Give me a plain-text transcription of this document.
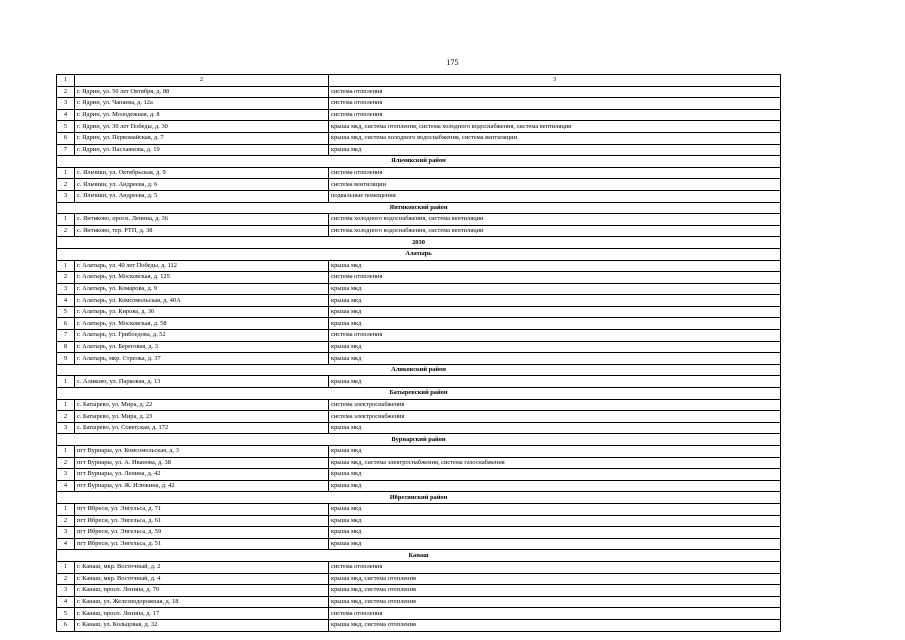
175
1	2	3
2	г. Ядрин, ул. 50 лет Октября, д. 88	система отопления
3	г. Ядрин, ул. Чапаева, д. 12а	система отопления
4	г. Ядрин, ул. Молодежная, д. 8	система отопления
5	г. Ядрин, ул. 30 лет Победы, д. 30	крыша мкд, система отопления, система холодного водоснабжения, система вентиляции
6	г. Ядрин, ул. Первомайская, д. 7	крыша мкд, система холодного водоснабжения, система вентиляции
7	г. Ядрин, ул. Пасхаянова, д. 19	крыша мкд
Яльчикский район		
1	с. Яльчики, ул. Октябрьская, д. 9	система отопления
2	с. Яльчики, ул. Андреева, д. 6	система вентиляции
3	с. Яльчики, ул. Андреева, д. 5	подвальные помещения
Янтиковский район		
1	с. Янтиково, просп. Ленина, д. 36	система холодного водоснабжения, система вентиляции
2	с. Янтиково, тер. РТП, д. 38	система холодного водоснабжения, система вентиляции
2030		
Алатырь		
1	г. Алатырь, ул. 40 лет Победы, д. 112	крыша мкд
2	г. Алатырь, ул. Московская, д. 125	система отопления
3	г. Алатырь, ул. Комарова, д. 9	крыша мкд
4	г. Алатырь, ул. Комсомольская, д. 40А	крыша мкд
5	г. Алатырь, ул. Кирова, д. 36	крыша мкд
6	г. Алатырь, ул. Московская, д. 58	крыша мкд
7	г. Алатырь, ул. Грибоедова, д. 52	система отопления
8	г. Алатырь, ул. Береговая, д. 3	крыша мкд
9	г. Алатырь, мкр. Стрелка, д. 37	крыша мкд
Аликовский район		
1	с. Аликово, ул. Парковая, д. 13	крыша мкд
Батыревский район		
1	с. Батырево, ул. Мира, д. 22	система электроснабжения
2	с. Батырево, ул. Мира, д. 23	система электроснабжения
3	с. Батырево, ул. Советская, д. 172	крыша мкд
Вурнарский район		
1	пгт Вурнары, ул. Комсомольская, д. 3	крыша мкд
2	пгт Вурнары, ул. А. Иванова, д. 38	крыша мкд, система электроснабжения, система газоснабжения
3	пгт Вурнары, ул. Ленина, д. 42	крыша мкд
4	пгт Вурнары, ул. Ж. Илюкина, д. 42	крыша мкд
Ибресинский район		
1	пгт Ибреси, ул. Энгельса, д. 71	крыша мкд
2	пгт Ибреси, ул. Энгельса, д. 61	крыша мкд
3	пгт Ибреси, ул. Энгельса, д. 59	крыша мкд
4	пгт Ибреси, ул. Энгельса, д. 51	крыша мкд
Канаш		
1	г. Канаш, мкр. Восточный, д. 2	система отопления
2	г. Канаш, мкр. Восточный, д. 4	крыша мкд, система отопления
3	г. Канаш, просп. Ленина, д. 70	крыша мкд, система отопления
4	г. Канаш, ул. Железнодорожная, д. 18	крыша мкд, система отопления
5	г. Канаш, просп. Ленина, д. 17	система отопления
6	г. Канаш, ул. Кольцовая, д. 32	крыша мкд, система отопления
